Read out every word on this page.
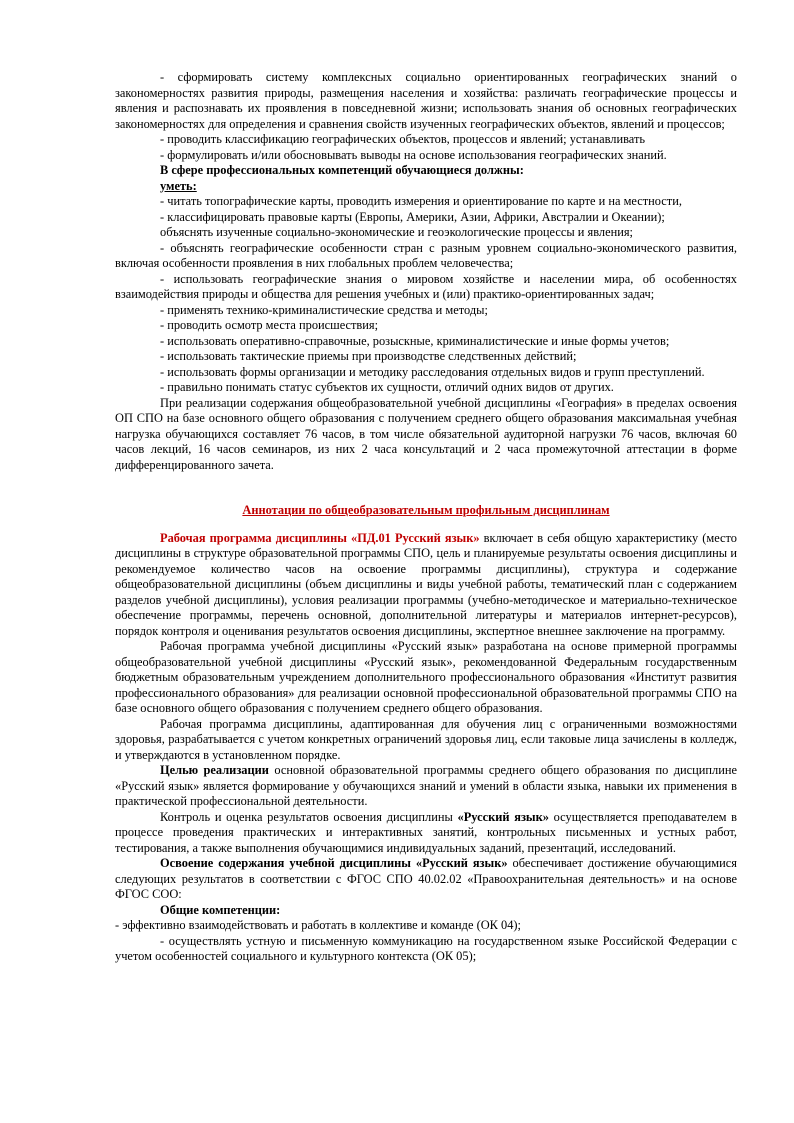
- сформировать систему комплексных социально ориентированных географических знаний о закономерностях развития природы, размещения населения и хозяйства: различать географические процессы и явления и распознавать их проявления в повседневной жизни; использовать знания об основных географических закономерностях для определения и сравнения свойств изученных географических объектов, явлений и процессов;

- проводить классификацию географических объектов, процессов и явлений; устанавливать

- формулировать и/или обосновывать выводы на основе использования географических знаний.

В сфере профессиональных компетенций обучающиеся должны:

уметь:

- читать топографические карты, проводить измерения и ориентирование по карте и на местности,

- классифицировать правовые карты (Европы, Америки, Азии, Африки, Австралии и Океании);

объяснять изученные социально-экономические и геоэкологические процессы и явления;

- объяснять географические особенности стран с разным уровнем социально-экономического развития, включая особенности проявления в них глобальных проблем человечества;

- использовать географические знания о мировом хозяйстве и населении мира, об особенностях взаимодействия природы и общества для решения учебных и (или) практико-ориентированных задач;

- применять технико-криминалистические средства и методы;

- проводить осмотр места происшествия;

- использовать оперативно-справочные, розыскные, криминалистические и иные формы учетов;

- использовать тактические приемы при производстве следственных действий;

- использовать формы организации и методику расследования отдельных видов и групп преступлений.

- правильно понимать статус субъектов их сущности, отличий одних видов от других.

При реализации содержания общеобразовательной учебной дисциплины «География» в пределах освоения ОП СПО на базе основного общего образования с получением среднего общего образования максимальная учебная нагрузка обучающихся составляет 76 часов, в том числе обязательной аудиторной нагрузки 76 часов, включая 60 часов лекций, 16 часов семинаров, из них 2 часа консультаций и 2 часа промежуточной аттестации в форме дифференцированного зачета.

Аннотации по общеобразовательным профильным дисциплинам

Рабочая программа дисциплины «ПД.01 Русский язык» включает в себя общую характеристику (место дисциплины в структуре образовательной программы СПО, цель и планируемые результаты освоения дисциплины и рекомендуемое количество часов на освоение программы дисциплины), структура и содержание общеобразовательной дисциплины (объем дисциплины и виды учебной работы, тематический план с содержанием разделов учебной дисциплины), условия реализации программы (учебно-методическое и материально-техническое обеспечение программы, перечень основной, дополнительной литературы и материалов интернет-ресурсов), порядок контроля и оценивания результатов освоения дисциплины, экспертное внешнее заключение на программу.

Рабочая программа учебной дисциплины «Русский язык» разработана на основе примерной программы общеобразовательной учебной дисциплины «Русский язык», рекомендованной Федеральным государственным бюджетным образовательным учреждением дополнительного профессионального образования «Институт развития профессионального образования» для реализации основной профессиональной образовательной программы СПО на базе основного общего образования с получением среднего общего образования.

Рабочая программа дисциплины, адаптированная для обучения лиц с ограниченными возможностями здоровья, разрабатывается с учетом конкретных ограничений здоровья лиц, если таковые лица зачислены в колледж, и утверждаются в установленном порядке.

Целью реализации основной образовательной программы среднего общего образования по дисциплине «Русский язык» является формирование у обучающихся знаний и умений в области языка, навыки их применения в практической профессиональной деятельности.

Контроль и оценка результатов освоения дисциплины «Русский язык» осуществляется преподавателем в процессе проведения практических и интерактивных занятий, контрольных письменных и устных работ, тестирования, а также выполнения обучающимися индивидуальных заданий, презентаций, исследований.

Освоение содержания учебной дисциплины «Русский язык» обеспечивает достижение обучающимися следующих результатов в соответствии с ФГОС СПО 40.02.02 «Правоохранительная деятельность» и на основе ФГОС СОО:

Общие компетенции:

- эффективно взаимодействовать и работать в коллективе и команде (ОК 04);

- осуществлять устную и письменную коммуникацию на государственном языке Российской Федерации с учетом особенностей социального и культурного контекста (ОК 05);
